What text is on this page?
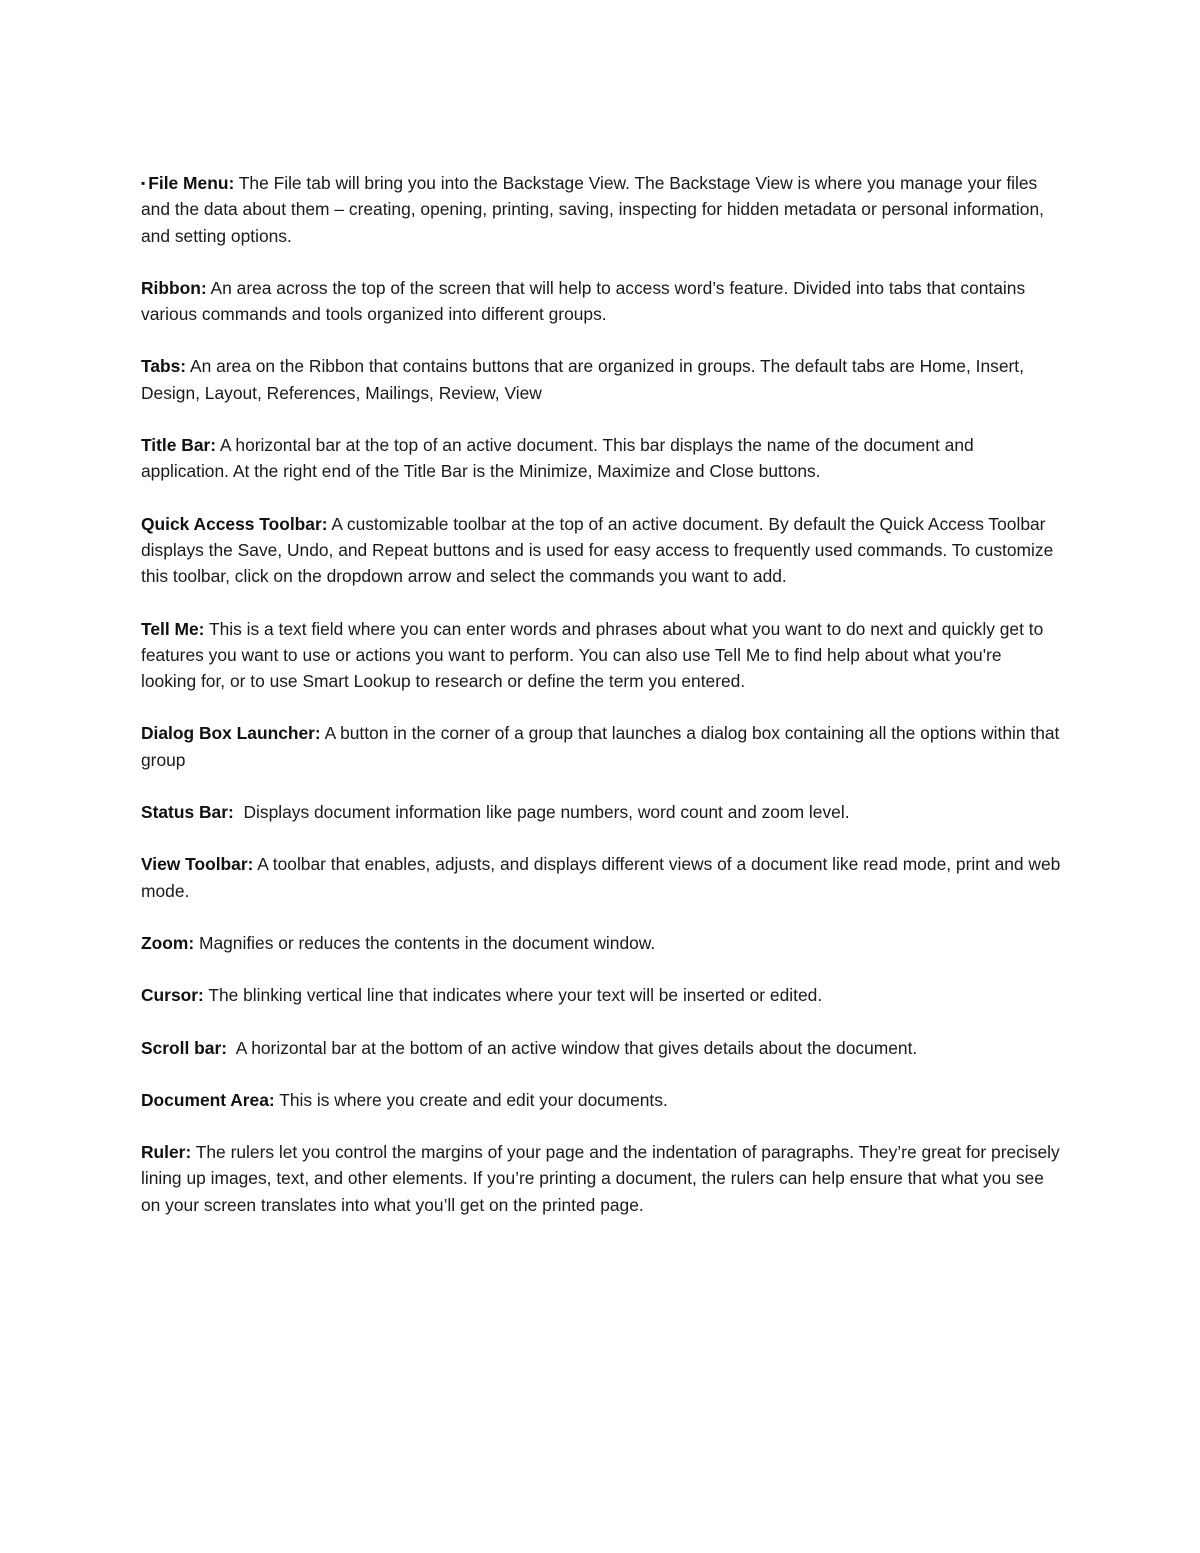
▪ File Menu: The File tab will bring you into the Backstage View. The Backstage View is where you manage your files and the data about them – creating, opening, printing, saving, inspecting for hidden metadata or personal information, and setting options.

Ribbon: An area across the top of the screen that will help to access word’s feature. Divided into tabs that contains various commands and tools organized into different groups.

Tabs: An area on the Ribbon that contains buttons that are organized in groups. The default tabs are Home, Insert, Design, Layout, References, Mailings, Review, View

Title Bar: A horizontal bar at the top of an active document. This bar displays the name of the document and application. At the right end of the Title Bar is the Minimize, Maximize and Close buttons.

Quick Access Toolbar: A customizable toolbar at the top of an active document. By default the Quick Access Toolbar displays the Save, Undo, and Repeat buttons and is used for easy access to frequently used commands. To customize this toolbar, click on the dropdown arrow and select the commands you want to add.

Tell Me: This is a text field where you can enter words and phrases about what you want to do next and quickly get to features you want to use or actions you want to perform. You can also use Tell Me to find help about what you're looking for, or to use Smart Lookup to research or define the term you entered.

Dialog Box Launcher: A button in the corner of a group that launches a dialog box containing all the options within that group

Status Bar:  Displays document information like page numbers, word count and zoom level.

View Toolbar: A toolbar that enables, adjusts, and displays different views of a document like read mode, print and web mode.

Zoom: Magnifies or reduces the contents in the document window.

Cursor: The blinking vertical line that indicates where your text will be inserted or edited.

Scroll bar:  A horizontal bar at the bottom of an active window that gives details about the document.

Document Area: This is where you create and edit your documents.

Ruler: The rulers let you control the margins of your page and the indentation of paragraphs. They’re great for precisely lining up images, text, and other elements. If you’re printing a document, the rulers can help ensure that what you see on your screen translates into what you’ll get on the printed page.
